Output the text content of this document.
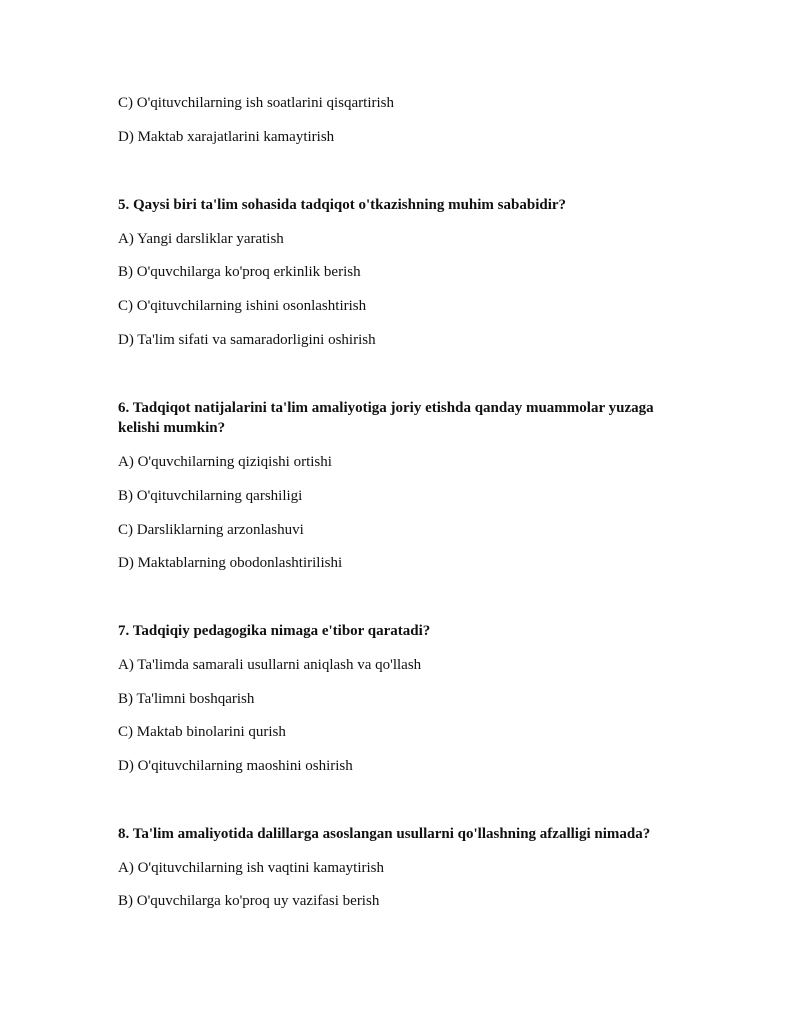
C) O'qituvchilarning ish soatlarini qisqartirish
D) Maktab xarajatlarini kamaytirish
5. Qaysi biri ta'lim sohasida tadqiqot o'tkazishning muhim sababidir?
A) Yangi darsliklar yaratish
B) O'quvchilarga ko'proq erkinlik berish
C) O'qituvchilarning ishini osonlashtirish
D) Ta'lim sifati va samaradorligini oshirish
6. Tadqiqot natijalarini ta'lim amaliyotiga joriy etishda qanday muammolar yuzaga kelishi mumkin?
A) O'quvchilarning qiziqishi ortishi
B) O'qituvchilarning qarshiligi
C) Darsliklarning arzonlashuvi
D) Maktablarning obodonlashtirilishi
7. Tadqiqiy pedagogika nimaga e'tibor qaratadi?
A) Ta'limda samarali usullarni aniqlash va qo'llash
B) Ta'limni boshqarish
C) Maktab binolarini qurish
D) O'qituvchilarning maoshini oshirish
8. Ta'lim amaliyotida dalillarga asoslangan usullarni qo'llashning afzalligi nimada?
A) O'qituvchilarning ish vaqtini kamaytirish
B) O'quvchilarga ko'proq uy vazifasi berish
